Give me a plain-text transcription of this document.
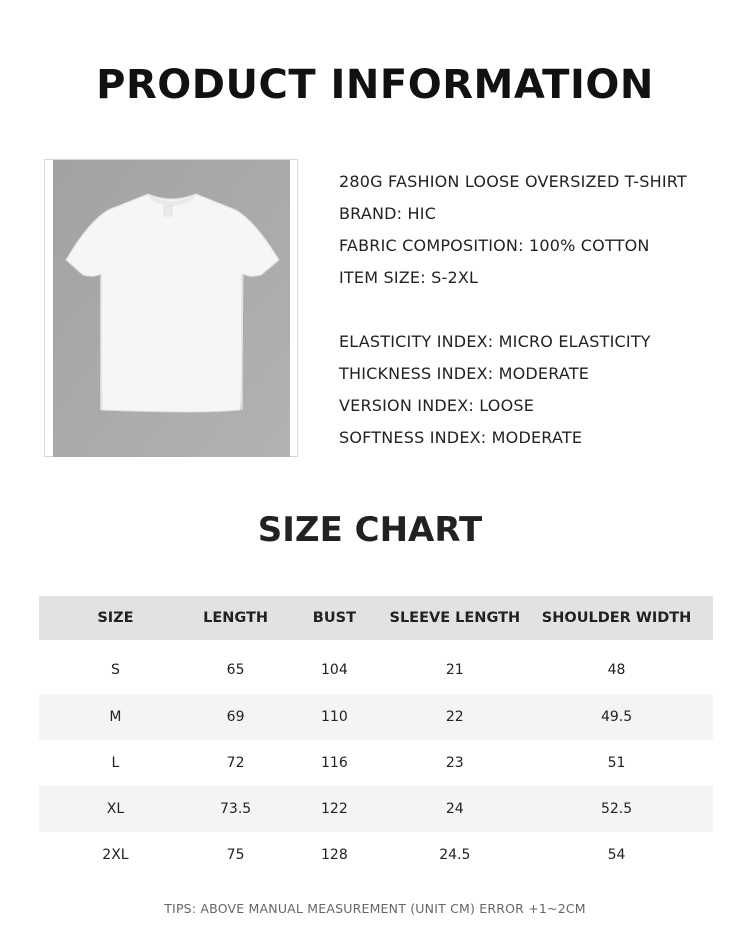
PRODUCT INFORMATION
280G FASHION LOOSE OVERSIZED T-SHIRT
BRAND: HIC
FABRIC COMPOSITION: 100% COTTON
ITEM SIZE: S-2XL
ELASTICITY INDEX: MICRO ELASTICITY
THICKNESS INDEX: MODERATE
VERSION INDEX: LOOSE
SOFTNESS INDEX: MODERATE
SIZE CHART
SIZE	LENGTH	BUST	SLEEVE LENGTH	SHOULDER WIDTH
S	65	104	21	48
M	69	110	22	49.5
L	72	116	23	51
XL	73.5	122	24	52.5
2XL	75	128	24.5	54
TIPS: ABOVE MANUAL MEASUREMENT (UNIT CM) ERROR +1~2CM
